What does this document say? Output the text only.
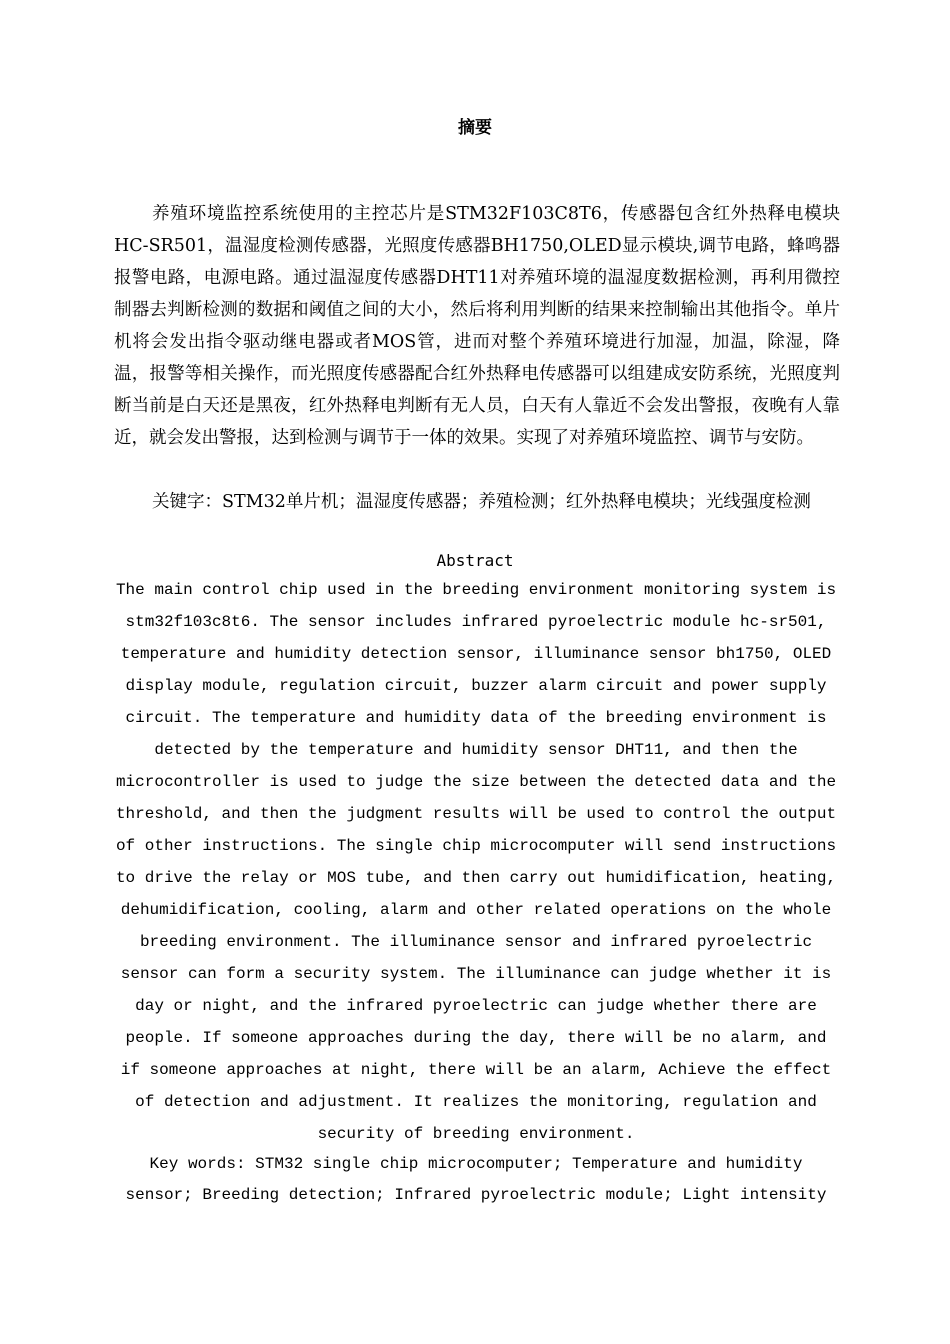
摘要

养殖环境监控系统使用的主控芯片是STM32F103C8T6，传感器包含红外热释电模块HC-SR501，温湿度检测传感器，光照度传感器BH1750,OLED显示模块,调节电路，蜂鸣器报警电路，电源电路。通过温湿度传感器DHT11对养殖环境的温湿度数据检测，再利用微控制器去判断检测的数据和阈值之间的大小，然后将利用判断的结果来控制输出其他指令。单片机将会发出指令驱动继电器或者MOS管，进而对整个养殖环境进行加湿，加温，除湿，降温，报警等相关操作，而光照度传感器配合红外热释电传感器可以组建成安防系统，光照度判断当前是白天还是黑夜，红外热释电判断有无人员，白天有人靠近不会发出警报，夜晚有人靠近，就会发出警报，达到检测与调节于一体的效果。实现了对养殖环境监控、调节与安防。

关键字：STM32单片机；温湿度传感器；养殖检测；红外热释电模块；光线强度检测

Abstract

The main control chip used in the breeding environment monitoring system is stm32f103c8t6. The sensor includes infrared pyroelectric module hc-sr501, temperature and humidity detection sensor, illuminance sensor bh1750, OLED display module, regulation circuit, buzzer alarm circuit and power supply circuit. The temperature and humidity data of the breeding environment is detected by the temperature and humidity sensor DHT11, and then the microcontroller is used to judge the size between the detected data and the threshold, and then the judgment results will be used to control the output of other instructions. The single chip microcomputer will send instructions to drive the relay or MOS tube, and then carry out humidification, heating, dehumidification, cooling, alarm and other related operations on the whole breeding environment. The illuminance sensor and infrared pyroelectric sensor can form a security system. The illuminance can judge whether it is day or night, and the infrared pyroelectric can judge whether there are people. If someone approaches during the day, there will be no alarm, and if someone approaches at night, there will be an alarm, Achieve the effect of detection and adjustment. It realizes the monitoring, regulation and security of breeding environment.

Key words: STM32 single chip microcomputer; Temperature and humidity sensor; Breeding detection; Infrared pyroelectric module; Light intensity
